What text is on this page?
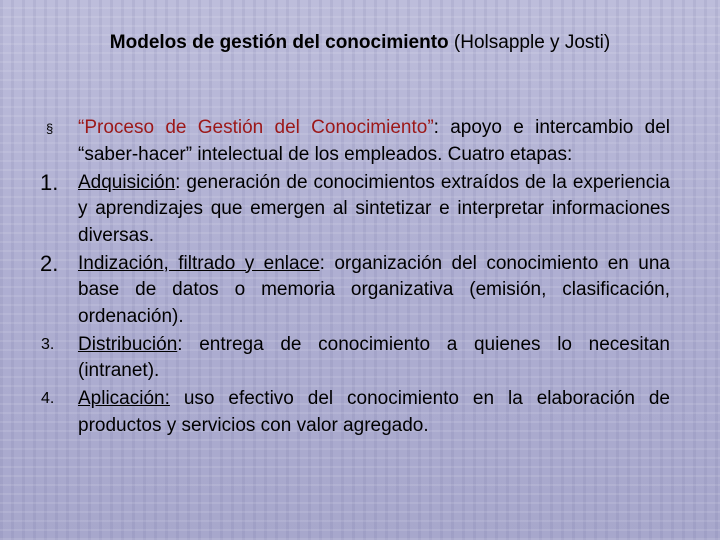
Modelos de gestión del conocimiento (Holsapple y Josti)
§ “Proceso de Gestión del Conocimiento”: apoyo e intercambio del “saber-hacer” intelectual de los empleados. Cuatro etapas:
1. Adquisición: generación de conocimientos extraídos de la experiencia y aprendizajes que emergen al sintetizar e interpretar informaciones diversas.
2. Indización, filtrado y enlace: organización del conocimiento en una base de datos o memoria organizativa (emisión, clasificación, ordenación).
3. Distribución: entrega de conocimiento a quienes lo necesitan (intranet).
4. Aplicación: uso efectivo del conocimiento en la elaboración de productos y servicios con valor agregado.
